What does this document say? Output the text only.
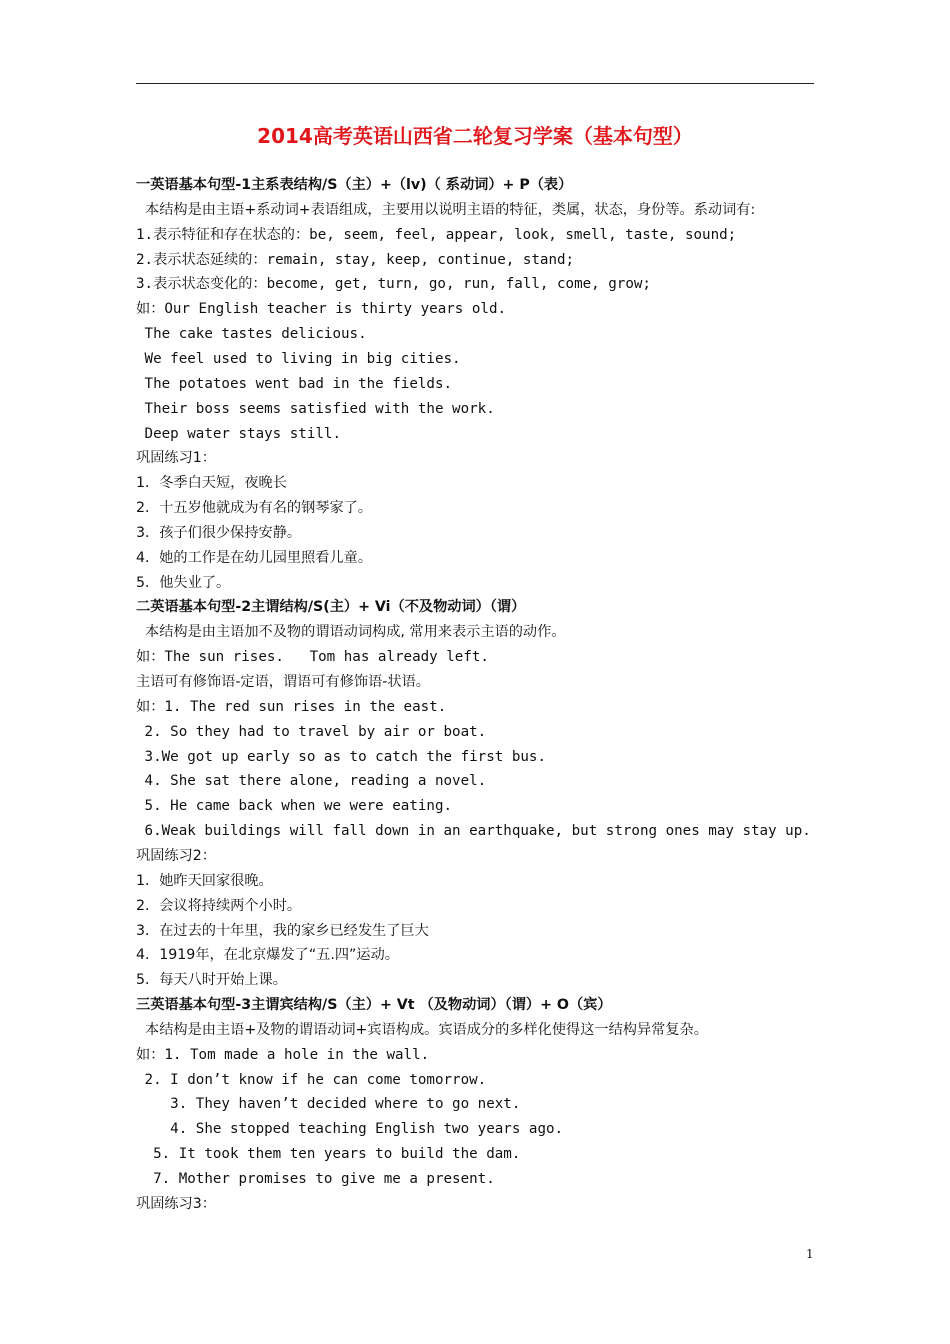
2014高考英语山西省二轮复习学案（基本句型）
一英语基本句型-1主系表结构/S（主）+（lv)（ 系动词）+ P（表）
本结构是由主语+系动词+表语组成，主要用以说明主语的特征，类属，状态，身份等。系动词有:
1.表示特征和存在状态的：be, seem, feel, appear, look, smell, taste, sound;
2.表示状态延续的：remain, stay, keep, continue, stand;
3.表示状态变化的：become, get, turn, go, run, fall, come, grow;
如：Our English teacher is thirty years old.
The cake tastes delicious.
We feel used to living in big cities.
The potatoes went bad in the fields.
Their boss seems satisfied with the work.
Deep water stays still.
巩固练习1：
1．冬季白天短，夜晚长
2．十五岁他就成为有名的钢琴家了。
3．孩子们很少保持安静。
4．她的工作是在幼儿园里照看儿童。
5．他失业了。
二英语基本句型-2主谓结构/S(主）+ Vi（不及物动词）（谓）
本结构是由主语加不及物的谓语动词构成, 常用来表示主语的动作。
如：The sun rises.   Tom has already left.
主语可有修饰语-定语，谓语可有修饰语-状语。
如：1. The red sun rises in the east.
2. So they had to travel by air or boat.
3.We got up early so as to catch the first bus.
4. She sat there alone, reading a novel.
5. He came back when we were eating.
6.Weak buildings will fall down in an earthquake, but strong ones may stay up.
巩固练习2：
1．她昨天回家很晚。
2．会议将持续两个小时。
3．在过去的十年里，我的家乡已经发生了巨大
4．1919年，在北京爆发了“五.四”运动。
5．每天八时开始上课。
三英语基本句型-3主谓宾结构/S（主）+ Vt （及物动词）（谓）+ O（宾）
本结构是由主语+及物的谓语动词+宾语构成。宾语成分的多样化使得这一结构异常复杂。
如：1. Tom made a hole in the wall.
2. I don’t know if he can come tomorrow.
3. They haven’t decided where to go next.
4. She stopped teaching English two years ago.
5. It took them ten years to build the dam.
7. Mother promises to give me a present.
巩固练习3：
1
